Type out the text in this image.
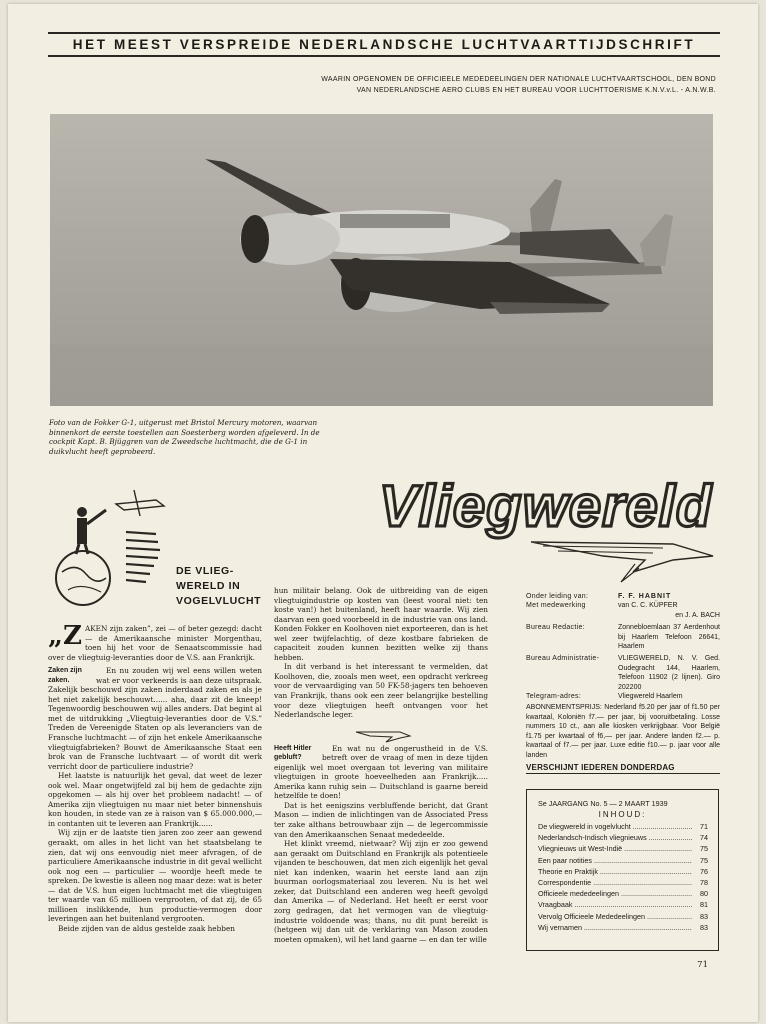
HET MEEST VERSPREIDE NEDERLANDSCHE LUCHTVAARTTIJDSCHRIFT
WAARIN OPGENOMEN DE OFFICIEELE MEDEDEELINGEN DER NATIONALE LUCHTVAARTSCHOOL, DEN BOND
VAN NEDERLANDSCHE AERO CLUBS EN HET BUREAU VOOR LUCHTTOERISME K.N.V.v.L. - A.N.W.B.
Foto van de Fokker G-1, uitgerust met Bristol Mercury motoren, waarvan binnenkort de eerste toestellen aan Soesterberg worden afgeleverd. In de cockpit Kapt. B. Bjüggren van de Zweedsche luchtmacht, die de G-1 in duikvlucht heeft geprobeerd.
Vliegwereld
DE VLIEG-
WERELD IN
VOGELVLUCHT

„ZAKEN zijn zaken”, zei — of beter gezegd: dacht — de Amerikaansche minister Morgenthau, toen hij het voor de Senaatscommissie had over de vliegtuig-leveranties door de V.S. aan Frankrijk.

Zaken zijn
zaken.

En nu zouden wij wel eens willen weten wat er voor verkeerds is aan deze uitspraak. Zakelijk beschouwd zijn zaken inderdaad zaken en als je het niet zakelijk beschouwt...... aha, daar zit de kneep! Tegenwoordig beschouwen wij alles anders. Dat begint al met de uitdrukking „Vliegtuig-leveranties door de V.S.” Treden de Vereenigde Staten op als leveranciers van de Fransche luchtmacht — of zijn het enkele Amerikaansche vliegtuigfabrieken? Bouwt de Amerikaansche Staat een brok van de Fransche luchtvaart — of wordt dit werk verricht door de particuliere industrie?

Het laatste is natuurlijk het geval, dat weet de lezer ook wel. Maar ongetwijfeld zal bij hem de gedachte zijn opgekomen — als hij over het probleem nadacht! — of Amerika zijn vliegtuigen nu maar niet beter binnenshuis kon houden, in stede van ze à raison van $ 65.000.000,— in contanten uit te leveren aan Frankrijk......

Wij zijn er de laatste tien jaren zoo zeer aan gewend geraakt, om alles in het licht van het staatsbelang te zien, dat wij ons eenvoudig niet meer afvragen, of de particuliere Amerikaansche industrie in dit geval wellicht ook nog een — particulier — woordje heeft mede te spreken. De kwestie is alleen nog maar deze: wat is beter — dat de V.S. hun eigen luchtmacht met die vliegtuigen ter waarde van 65 millioen vergrooten, of dat zij, de 65 millioen inslikkende, hun productie-vermogen door leveringen aan het buitenland vergrooten.

Beide zijden van de aldus gestelde zaak hebben

hun militair belang. Ook de uitbreiding van de eigen vliegtuigindustrie op kosten van (leest vooral niet: ten koste van!) het buitenland, heeft haar waarde. Wij zien daarvan een goed voorbeeld in de industrie van ons land. Konden Fokker en Koolhoven niet exporteeren, dan is het wel zeer twijfelachtig, of deze kostbare fabrieken de capaciteit zouden kunnen bezitten welke zij thans hebben.

In dit verband is het interessant te vermelden, dat Koolhoven, die, zooals men weet, een opdracht verkreeg voor de vervaardiging van 50 FK-58-jagers ten behoeven van Frankrijk, thans ook een zeer belangrijke bestelling voor deze vliegtuigen heeft ontvangen voor het Nederlandsche leger.

Heeft Hitler
gebluft?

En wat nu de ongerustheid in de V.S. betreft over de vraag of men in deze tijden eigenlijk wel moet overgaan tot levering van militaire vliegtuigen in groote hoeveelheden aan Frankrijk..... Amerika kann ruhig sein — Duitschland is gaarne bereid hetzelfde te doen!

Dat is het eenigszins verbluffende bericht, dat Grant Mason — indien de inlichtingen van de Associated Press ter zake althans betrouwbaar zijn — de legercommissie van den Amerikaanschen Senaat mededeelde.

Het klinkt vreemd, nietwaar? Wij zijn er zoo gewend aan geraakt om Duitschland en Frankrijk als potentieele vijanden te beschouwen, dat men zich eigenlijk het geval niet kan indenken, waarin het eerste land aan zijn buurman oorlogsmateriaal zou leveren. Nu is het wel zeker, dat Duitschland een anderen weg heeft gevolgd dan Amerika — of Nederland. Het heeft er eerst voor zorg gedragen, dat het vermogen van de vliegtuig-industrie voldoende was; thans, nu dit punt bereikt is (hetgeen wij dan uit de verklaring van Mason zouden moeten opmaken), wil het land gaarne — en dan ter wille

Onder leiding van:	F. F. HABNIT
Met medewerking	van C. C. KÜPFER

en J. A. BACH
Bureau Redactie:	Zonnebloemlaan 37 Aerdenhout bij Haarlem Telefoon 26641, Haarlem
Bureau Administratie-	VLIEGWERELD, N. V. Ged. Oudegracht 144, Haarlem, Telefoon 11902 (2 lijnen). Giro 202200
Telegram-adres:	Vliegwereld Haarlem
ABONNEMENTSPRIJS: Nederland f5.20 per jaar of f1.50 per kwartaal, Koloniën f7.— per jaar, bij vooruitbetaling. Losse nummers 10 ct., aan alle kiosken verkrijgbaar. Voor België f1.75 per kwartaal of f6,— per jaar. Andere landen f2.— p. kwartaal of f7.— per jaar. Luxe editie f10.— p. jaar voor alle landen
VERSCHIJNT IEDEREN DONDERDAG
Se JAARGANG No. 5 — 2 MAART 1939
INHOUD:
De vliegwereld in vogelvlucht .....	71
Nederlandsch-Indisch vliegnieuws .....	74
Vliegnieuws uit West-Indië .....	75
Een paar notities .....	75
Theorie en Praktijk .....	76
Correspondentie .....	78
Officieele mededeelingen .....	80
Vraagbaak .....	81
Vervolg Officieele Mededeelingen .....	83
Wij vernamen .....	83
71
